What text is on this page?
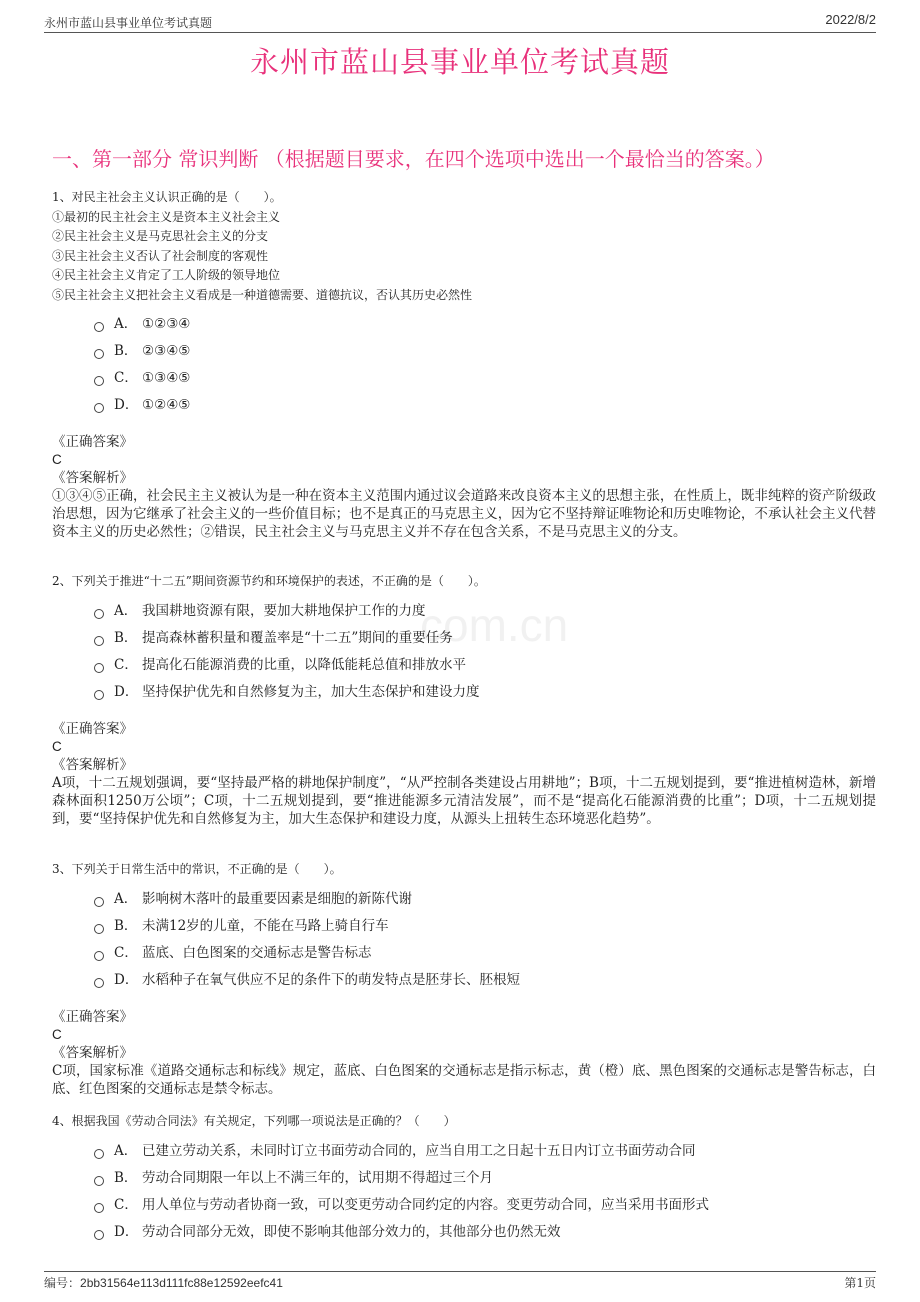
永州市蓝山县事业单位考试真题	2022/8/2
永州市蓝山县事业单位考试真题
一、第一部分 常识判断 （根据题目要求，在四个选项中选出一个最恰当的答案。）
com.cn
1、对民主社会主义认识正确的是（　　）。
①最初的民主社会主义是资本主义社会主义
②民主社会主义是马克思社会主义的分支
③民主社会主义否认了社会制度的客观性
④民主社会主义肯定了工人阶级的领导地位
⑤民主社会主义把社会主义看成是一种道德需要、道德抗议，否认其历史必然性
A． ①②③④
B． ②③④⑤
C． ①③④⑤
D． ①②④⑤
《正确答案》
C
《答案解析》
①③④⑤正确，社会民主主义被认为是一种在资本主义范围内通过议会道路来改良资本主义的思想主张，在性质上，既非纯粹的资产阶级政治思想，因为它继承了社会主义的一些价值目标；也不是真正的马克思主义，因为它不坚持辩证唯物论和历史唯物论，不承认社会主义代替资本主义的历史必然性；②错误，民主社会主义与马克思主义并不存在包含关系，不是马克思主义的分支。
2、下列关于推进“十二五”期间资源节约和环境保护的表述，不正确的是（　　）。
A． 我国耕地资源有限，要加大耕地保护工作的力度
B． 提高森林蓄积量和覆盖率是“十二五”期间的重要任务
C． 提高化石能源消费的比重，以降低能耗总值和排放水平
D． 坚持保护优先和自然修复为主，加大生态保护和建设力度
《正确答案》
C
《答案解析》
A项，十二五规划强调，要“坚持最严格的耕地保护制度”，“从严控制各类建设占用耕地”；B项，十二五规划提到，要“推进植树造林，新增森林面积1250万公顷”；C项，十二五规划提到，要“推进能源多元清洁发展”，而不是“提高化石能源消费的比重”；D项，十二五规划提到，要“坚持保护优先和自然修复为主，加大生态保护和建设力度，从源头上扭转生态环境恶化趋势”。
3、下列关于日常生活中的常识，不正确的是（　　）。
A． 影响树木落叶的最重要因素是细胞的新陈代谢
B． 未满12岁的儿童，不能在马路上骑自行车
C． 蓝底、白色图案的交通标志是警告标志
D． 水稻种子在氧气供应不足的条件下的萌发特点是胚芽长、胚根短
《正确答案》
C
《答案解析》
C项，国家标准《道路交通标志和标线》规定，蓝底、白色图案的交通标志是指示标志，黄（橙）底、黑色图案的交通标志是警告标志，白底、红色图案的交通标志是禁令标志。
4、根据我国《劳动合同法》有关规定，下列哪一项说法是正确的？（　　）
A． 已建立劳动关系，未同时订立书面劳动合同的，应当自用工之日起十五日内订立书面劳动合同
B． 劳动合同期限一年以上不满三年的，试用期不得超过三个月
C． 用人单位与劳动者协商一致，可以变更劳动合同约定的内容。变更劳动合同，应当采用书面形式
D． 劳动合同部分无效，即使不影响其他部分效力的，其他部分也仍然无效
编号：2bb31564e113d111fc88e12592eefc41	第1页
